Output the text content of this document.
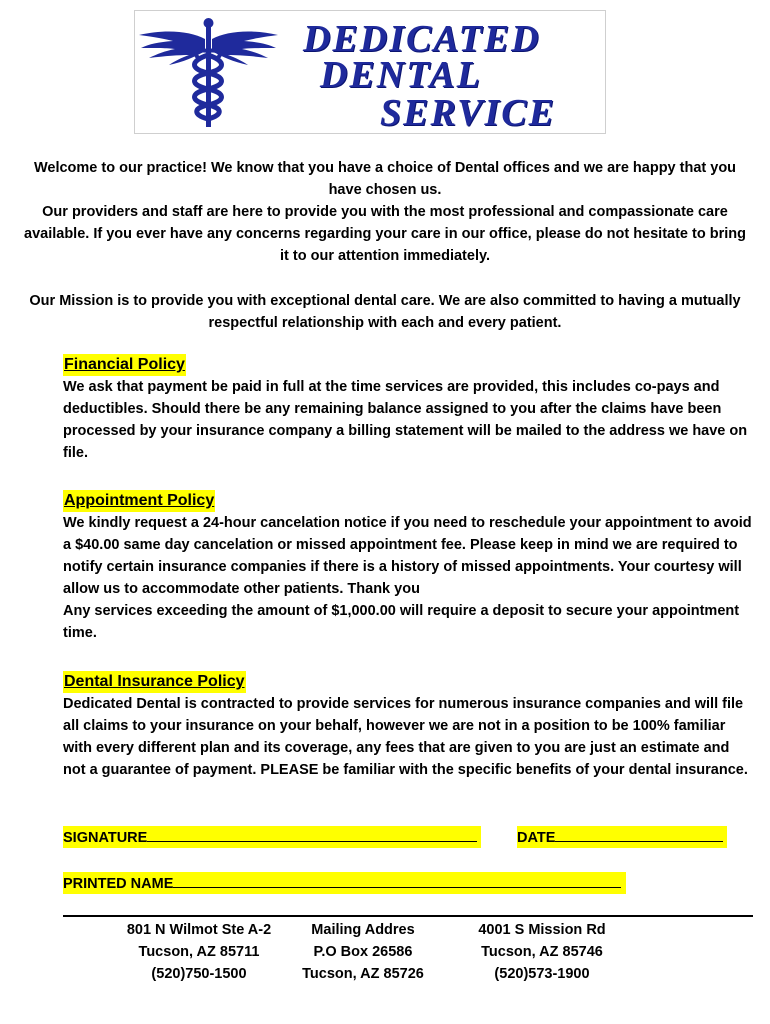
DEDICATED
DENTAL
SERVICE

Welcome to our practice! We know that you have a choice of Dental offices and we are happy that you have chosen us.

Our providers and staff are here to provide you with the most professional and compassionate care available. If you ever have any concerns regarding your care in our office, please do not hesitate to bring it to our attention immediately.

Our Mission is to provide you with exceptional dental care. We are also committed to having a mutually respectful relationship with each and every patient.

Financial Policy

We ask that payment be paid in full at the time services are provided, this includes co-pays and deductibles. Should there be any remaining balance assigned to you after the claims have been processed by your insurance company a billing statement will be mailed to the address we have on file.

Appointment Policy

We kindly request a 24-hour cancelation notice if you need to reschedule your appointment to avoid a $40.00 same day cancelation or missed appointment fee. Please keep in mind we are required to notify certain insurance companies if there is a history of missed appointments. Your courtesy will allow us to accommodate other patients. Thank you

Any services exceeding the amount of $1,000.00 will require a deposit to secure your appointment time.

Dental Insurance Policy

Dedicated Dental is contracted to provide services for numerous insurance companies and will file all claims to your insurance on your behalf, however we are not in a position to be 100% familiar with every different plan and its coverage, any fees that are given to you are just an estimate and not a guarantee of payment. PLEASE be familiar with the specific benefits of your dental insurance.

SIGNATURE	DATE
PRINTED NAME
801 N Wilmot Ste A-2
Tucson, AZ 85711
(520)750-1500
Mailing Addres
P.O Box 26586
Tucson, AZ 85726
4001 S Mission Rd
Tucson, AZ 85746
(520)573-1900
